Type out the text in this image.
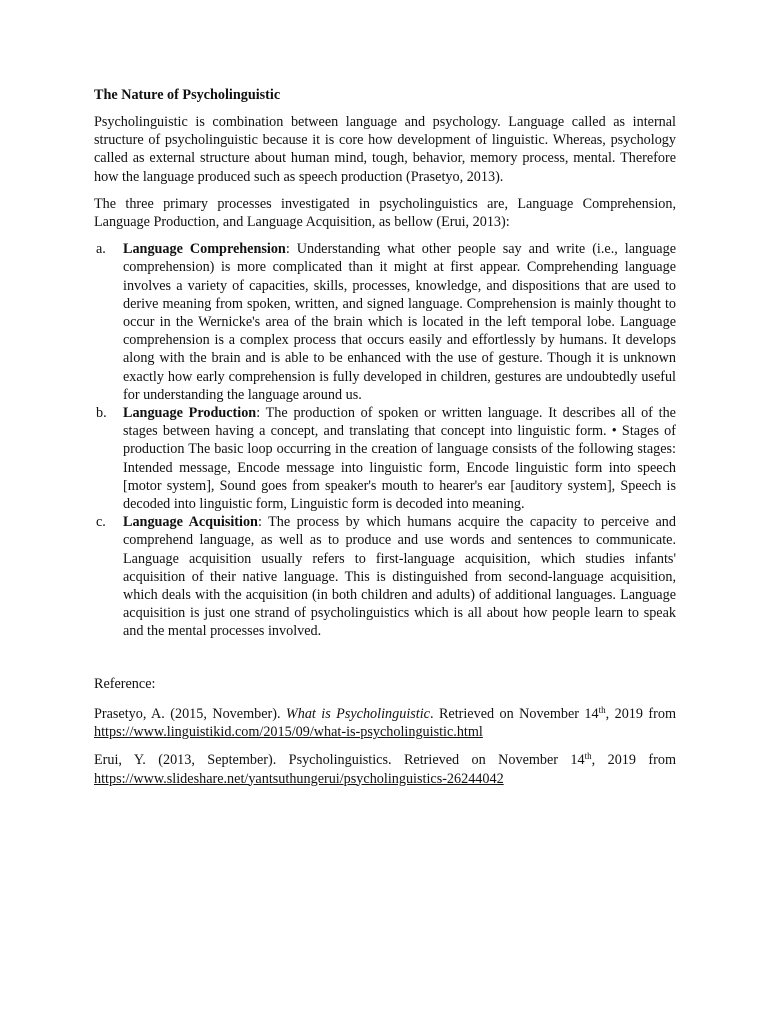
The Nature of Psycholinguistic

Psycholinguistic is combination between language and psychology. Language called as internal structure of psycholinguistic because it is core how development of linguistic. Whereas, psychology called as external structure about human mind, tough, behavior, memory process, mental. Therefore how the language produced such as speech production (Prasetyo, 2013).

The three primary processes investigated in psycholinguistics are, Language Comprehension, Language Production, and Language Acquisition, as bellow (Erui, 2013):

a.	Language Comprehension: Understanding what other people say and write (i.e., language comprehension) is more complicated than it might at first appear. Comprehending language involves a variety of capacities, skills, processes, knowledge, and dispositions that are used to derive meaning from spoken, written, and signed language. Comprehension is mainly thought to occur in the Wernicke's area of the brain which is located in the left temporal lobe. Language comprehension is a complex process that occurs easily and effortlessly by humans. It develops along with the brain and is able to be enhanced with the use of gesture. Though it is unknown exactly how early comprehension is fully developed in children, gestures are undoubtedly useful for understanding the language around us.
b.	Language Production: The production of spoken or written language. It describes all of the stages between having a concept, and translating that concept into linguistic form. • Stages of production The basic loop occurring in the creation of language consists of the following stages: Intended message, Encode message into linguistic form, Encode linguistic form into speech [motor system], Sound goes from speaker's mouth to hearer's ear [auditory system], Speech is decoded into linguistic form, Linguistic form is decoded into meaning.
c.	Language Acquisition: The process by which humans acquire the capacity to perceive and comprehend language, as well as to produce and use words and sentences to communicate. Language acquisition usually refers to first-language acquisition, which studies infants' acquisition of their native language. This is distinguished from second-language acquisition, which deals with the acquisition (in both children and adults) of additional languages. Language acquisition is just one strand of psycholinguistics which is all about how people learn to speak and the mental processes involved.
Reference:
Prasetyo, A. (2015, November). What is Psycholinguistic. Retrieved on November 14th, 2019 from https://www.linguistikid.com/2015/09/what-is-psycholinguistic.html
Erui, Y. (2013, September). Psycholinguistics. Retrieved on November 14th, 2019 from https://www.slideshare.net/yantsuthungerui/psycholinguistics-26244042
